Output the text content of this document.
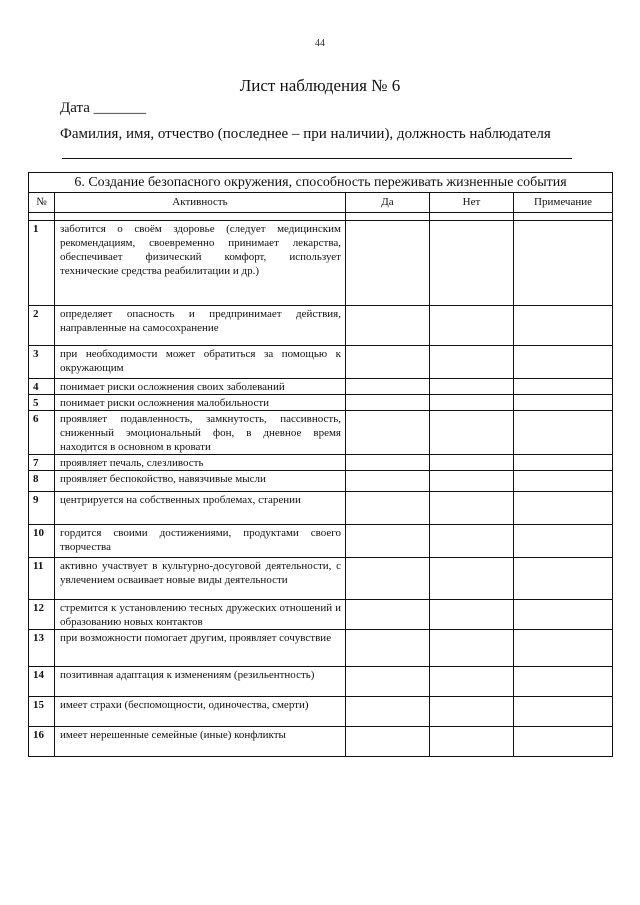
44
Лист наблюдения № 6
Дата _______
Фамилия, имя, отчество (последнее – при наличии), должность наблюдателя
6. Создание безопасного окружения, способность переживать жизненные события				
№	Активность	Да	Нет	Примечание

1	заботится о своём здоровье (следует медицинским рекомендациям, своевременно принимает лекарства, обеспечивает физический комфорт, использует технические средства реабилитации и др.)			
2	определяет опасность и предпринимает действия, направленные на самосохранение			
3	при необходимости может обратиться за помощью к окружающим			
4	понимает риски осложнения своих заболеваний			
5	понимает риски осложнения малобильности			
6	проявляет подавленность, замкнутость, пассивность, сниженный эмоциональный фон, в дневное время находится в основном в кровати			
7	проявляет печаль, слезливость			
8	проявляет беспокойство, навязчивые мысли			
9	центрируется на собственных проблемах, старении			
10	гордится своими достижениями, продуктами своего творчества			
11	активно участвует в культурно-досуговой деятельности, с увлечением осваивает новые виды деятельности			
12	стремится к установлению тесных дружеских отношений и образованию новых контактов			
13	при возможности помогает другим, проявляет сочувствие			
14	позитивная адаптация к изменениям (резильентность)			
15	имеет страхи (беспомощности, одиночества, смерти)			
16	имеет нерешенные семейные (иные) конфликты			
